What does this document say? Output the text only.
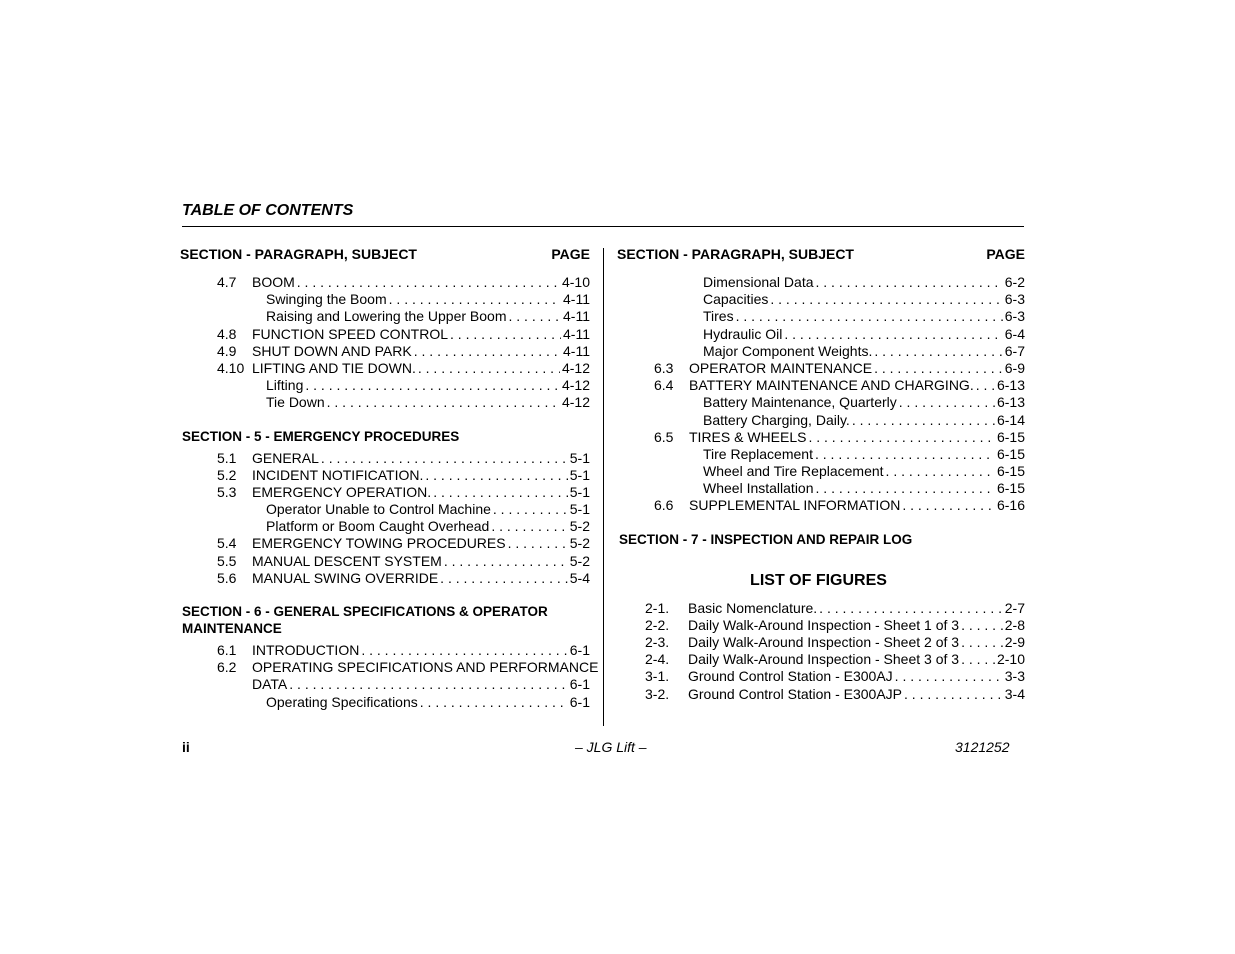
TABLE OF CONTENTS
SECTION - PARAGRAPH, SUBJECT	PAGE
4.7 BOOM . . .	4-10
Swinging the Boom . . .	4-11
Raising and Lowering the Upper Boom . . .	4-11
4.8 FUNCTION SPEED CONTROL . . .	4-11
4.9 SHUT DOWN AND PARK . . .	4-11
4.10 LIFTING AND TIE DOWN. . . .	4-12
Lifting . . .	4-12
Tie Down . . .	4-12
SECTION - 5 - EMERGENCY PROCEDURES
5.1 GENERAL . . .	5-1
5.2 INCIDENT NOTIFICATION. . . .	5-1
5.3 EMERGENCY OPERATION. . . .	5-1
Operator Unable to Control Machine . . .	5-1
Platform or Boom Caught Overhead . . .	5-2
5.4 EMERGENCY TOWING PROCEDURES . . .	5-2
5.5 MANUAL DESCENT SYSTEM . . .	5-2
5.6 MANUAL SWING OVERRIDE . . .	5-4
SECTION - 6 - GENERAL SPECIFICATIONS & OPERATOR
MAINTENANCE
6.1 INTRODUCTION . . .	6-1
6.2 OPERATING SPECIFICATIONS AND PERFORMANCE
DATA . . .	6-1
Operating Specifications . . .	6-1
SECTION - PARAGRAPH, SUBJECT	PAGE
Dimensional Data . . .	6-2
Capacities . . .	6-3
Tires . . .	6-3
Hydraulic Oil . . .	6-4
Major Component Weights. . . .	6-7
6.3 OPERATOR MAINTENANCE . . .	6-9
6.4 BATTERY MAINTENANCE AND CHARGING. . . . 6-13
Battery Maintenance, Quarterly . . .	6-13
Battery Charging, Daily. . . .	6-14
6.5 TIRES & WHEELS . . .	6-15
Tire Replacement . . .	6-15
Wheel and Tire Replacement . . .	6-15
Wheel Installation . . .	6-15
6.6 SUPPLEMENTAL INFORMATION . . .	6-16
SECTION - 7 - INSPECTION AND REPAIR LOG
LIST OF FIGURES
2-1. Basic Nomenclature. . . .	2-7
2-2. Daily Walk-Around Inspection - Sheet 1 of 3 . . .	2-8
2-3. Daily Walk-Around Inspection - Sheet 2 of 3 . . .	2-9
2-4. Daily Walk-Around Inspection - Sheet 3 of 3 . . .	2-10
3-1. Ground Control Station - E300AJ . . .	3-3
3-2. Ground Control Station - E300AJP . . .	3-4
ii	– JLG Lift –	3121252
